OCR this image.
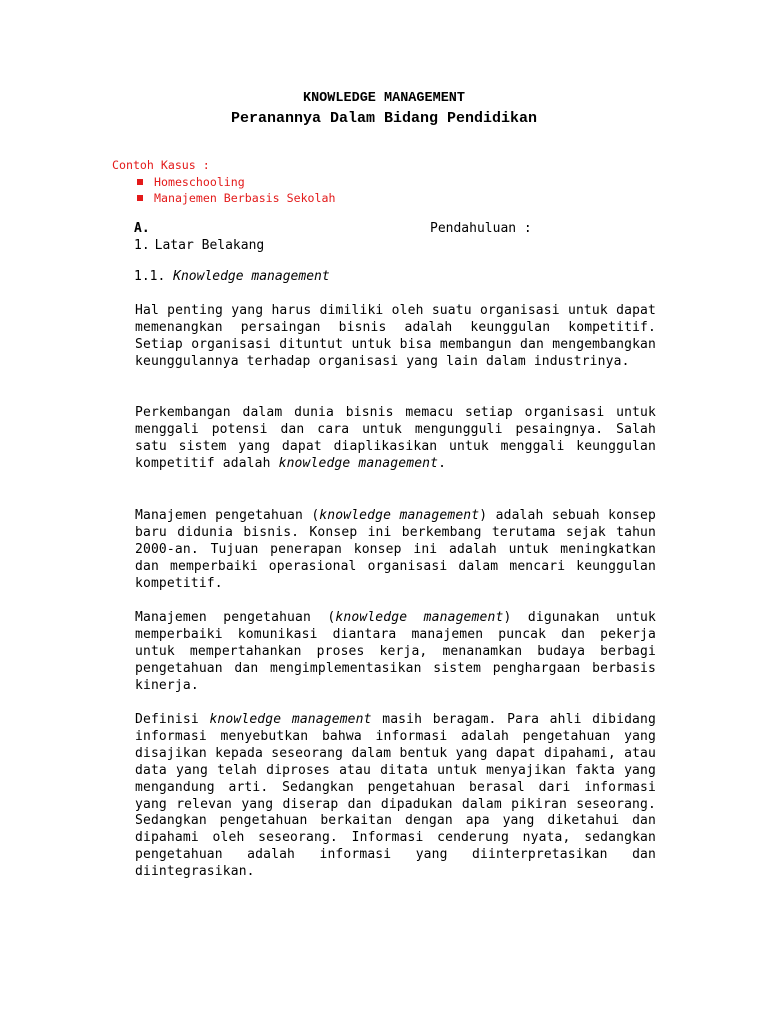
KNOWLEDGE MANAGEMENT
Peranannya Dalam Bidang Pendidikan
Contoh Kasus :
Homeschooling
Manajemen Berbasis Sekolah
A.	Pendahuluan :
1. Latar Belakang
1.1. Knowledge management

Hal penting yang harus dimiliki oleh suatu organisasi untuk dapat memenangkan persaingan bisnis adalah keunggulan kompetitif. Setiap organisasi dituntut untuk bisa membangun dan mengembangkan keunggulannya terhadap organisasi yang lain dalam industrinya.

Perkembangan dalam dunia bisnis memacu setiap organisasi untuk menggali potensi dan cara untuk mengungguli pesaingnya. Salah satu sistem yang dapat diaplikasikan untuk menggali keunggulan kompetitif adalah knowledge management.

Manajemen pengetahuan (knowledge management) adalah sebuah konsep baru didunia bisnis. Konsep ini berkembang terutama sejak tahun 2000-an. Tujuan penerapan konsep ini adalah untuk meningkatkan dan memperbaiki operasional organisasi dalam mencari keunggulan kompetitif.

Manajemen pengetahuan (knowledge management) digunakan untuk memperbaiki komunikasi diantara manajemen puncak dan pekerja untuk mempertahankan proses kerja, menanamkan budaya berbagi pengetahuan dan mengimplementasikan sistem penghargaan berbasis kinerja.

Definisi knowledge management masih beragam. Para ahli dibidang informasi menyebutkan bahwa informasi adalah pengetahuan yang disajikan kepada seseorang dalam bentuk yang dapat dipahami, atau data yang telah diproses atau ditata untuk menyajikan fakta yang mengandung arti. Sedangkan pengetahuan berasal dari informasi yang relevan yang diserap dan dipadukan dalam pikiran seseorang. Sedangkan pengetahuan berkaitan dengan apa yang diketahui dan dipahami oleh seseorang. Informasi cenderung nyata, sedangkan pengetahuan adalah informasi yang diinterpretasikan dan diintegrasikan.
